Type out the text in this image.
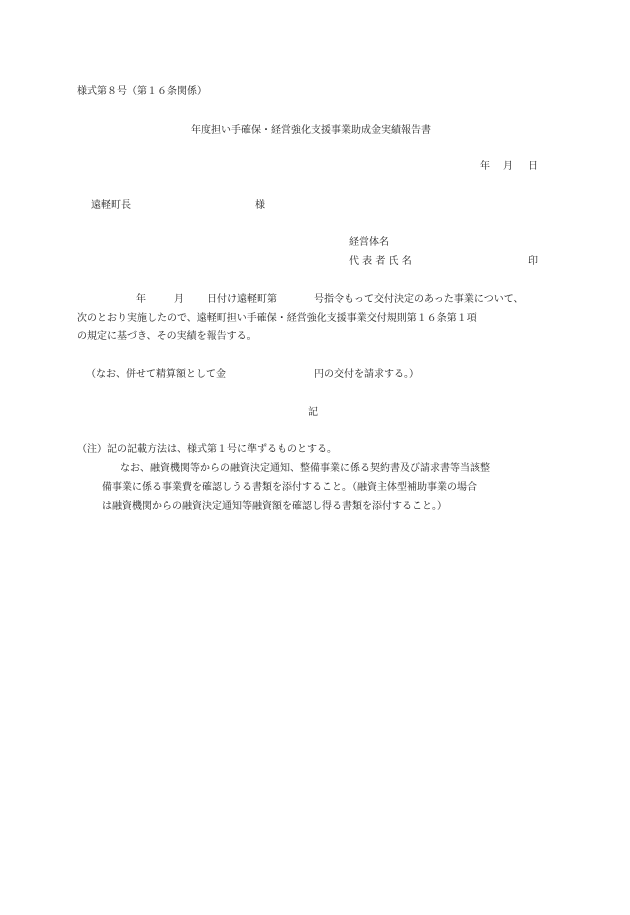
様式第８号（第１６条関係）
年度担い手確保・経営強化支援事業助成金実績報告書
年 月 日
遠軽町長	様
経営体名
代 表 者 氏 名	印
年	月 日付け遠軽町第	号指令もって交付決定のあった事業について、
次のとおり実施したので、遠軽町担い手確保・経営強化支援事業交付規則第１６条第１項
の規定に基づき、その実績を報告する。
（なお、併せて精算額として金	円の交付を請求する。）
記
（注）記の記載方法は、様式第１号に準ずるものとする。
なお、融資機関等からの融資決定通知、整備事業に係る契約書及び請求書等当該整
備事業に係る事業費を確認しうる書類を添付すること。（融資主体型補助事業の場合
は融資機関からの融資決定通知等融資額を確認し得る書類を添付すること。）
